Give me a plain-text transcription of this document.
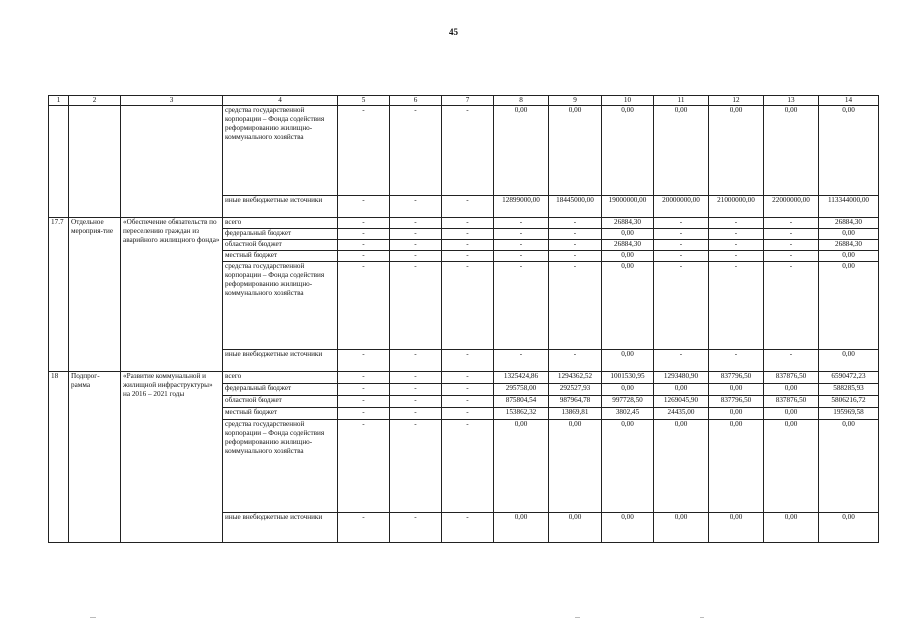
45
1	2	3	4	5	6	7	8	9	10	11	12	13	14
			средства государственной корпорации – Фонда содействия реформированию жилищно-коммунального хозяйства	-	-	-	0,00	0,00	0,00	0,00	0,00	0,00	0,00
			иные внебюджетные источники	-	-	-	12899000,00	18445000,00	19000000,00	20000000,00	21000000,00	22000000,00	113344000,00
17.7	Отдельное мероприя-тие	«Обеспечение обязательств по переселению граждан из аварийного жилищного фонда»	всего	-	-	-	-	-	26884,30	-	-	-	26884,30
			федеральный бюджет	-	-	-	-	-	0,00	-	-	-	0,00
			областной бюджет	-	-	-	-	-	26884,30	-	-	-	26884,30
			местный бюджет	-	-	-	-	-	0,00	-	-	-	0,00
			средства государственной корпорации – Фонда содействия реформированию жилищно-коммунального хозяйства	-	-	-	-	-	0,00	-	-	-	0,00
			иные внебюджетные источники	-	-	-	-	-	0,00	-	-	-	0,00
18	Подпрог-рамма	«Развитие коммунальной и жилищной инфраструктуры» на 2016 – 2021 годы	всего	-	-	-	1325424,86	1294362,52	1001530,95	1293480,90	837796,50	837876,50	6590472,23
			федеральный бюджет	-	-	-	295758,00	292527,93	0,00	0,00	0,00	0,00	588285,93
			областной бюджет	-	-	-	875804,54	987964,78	997728,50	1269045,90	837796,50	837876,50	5806216,72
			местный бюджет	-	-	-	153862,32	13869,81	3802,45	24435,00	0,00	0,00	195969,58
			средства государственной корпорации – Фонда содействия реформированию жилищно-коммунального хозяйства	-	-	-	0,00	0,00	0,00	0,00	0,00	0,00	0,00
			иные внебюджетные источники	-	-	-	0,00	0,00	0,00	0,00	0,00	0,00	0,00
